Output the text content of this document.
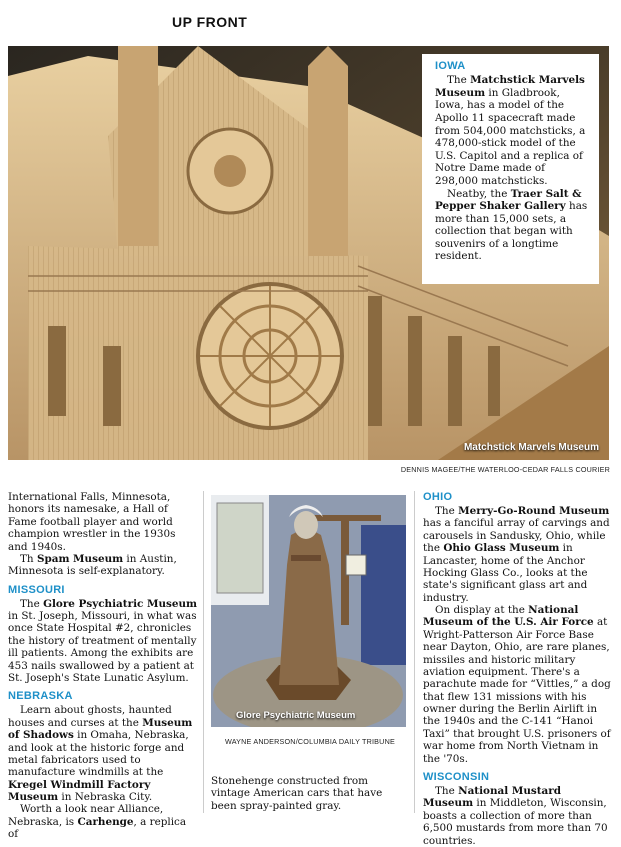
UP FRONT
IOWA

The Matchstick Marvels Museum in Gladbrook, Iowa, has a model of the Apollo 11 spacecraft made from 504,000 matchsticks, a 478,000-stick model of the U.S. Capitol and a replica of Notre Dame made of 298,000 matchsticks.

Neatby, the Traer Salt & Pepper Shaker Gallery has more than 15,000 sets, a collection that began with souvenirs of a longtime resident.

Matchstick Marvels Museum
DENNIS MAGEE/THE WATERLOO-CEDAR FALLS COURIER

International Falls, Minnesota, honors its namesake, a Hall of Fame football player and world champion wrestler in the 1930s and 1940s.

Th Spam Museum in Austin, Minnesota is self-explanatory.

MISSOURI

The Glore Psychiatric Museum in St. Joseph, Missouri, in what was once State Hospital #2, chronicles the history of treatment of mentally ill patients. Among the exhibits are 453 nails swallowed by a patient at St. Joseph's State Lunatic Asylum.

NEBRASKA

Learn about ghosts, haunted houses and curses at the Museum of Shadows in Omaha, Nebraska, and look at the historic forge and metal fabricators used to manufacture windmills at the Kregel Windmill Factory Museum in Nebraska City.

Worth a look near Alliance, Nebraska, is Carhenge, a replica of

Glore Psychiatric Museum
WAYNE ANDERSON/COLUMBIA DAILY TRIBUNE
Stonehenge constructed from vintage American cars that have been spray-painted gray.
OHIO

The Merry-Go-Round Museum has a fanciful array of carvings and carousels in Sandusky, Ohio, while the Ohio Glass Museum in Lancaster, home of the Anchor Hocking Glass Co., looks at the state's significant glass art and industry.

On display at the National Museum of the U.S. Air Force at Wright-Patterson Air Force Base near Dayton, Ohio, are rare planes, missiles and historic military aviation equipment. There's a parachute made for “Vittles,” a dog that flew 131 missions with his owner during the Berlin Airlift in the 1940s and the C-141 “Hanoi Taxi” that brought U.S. prisoners of war home from North Vietnam in the '70s.

WISCONSIN

The National Mustard Museum in Middleton, Wisconsin, boasts a collection of more than 6,500 mustards from more than 70 countries.
